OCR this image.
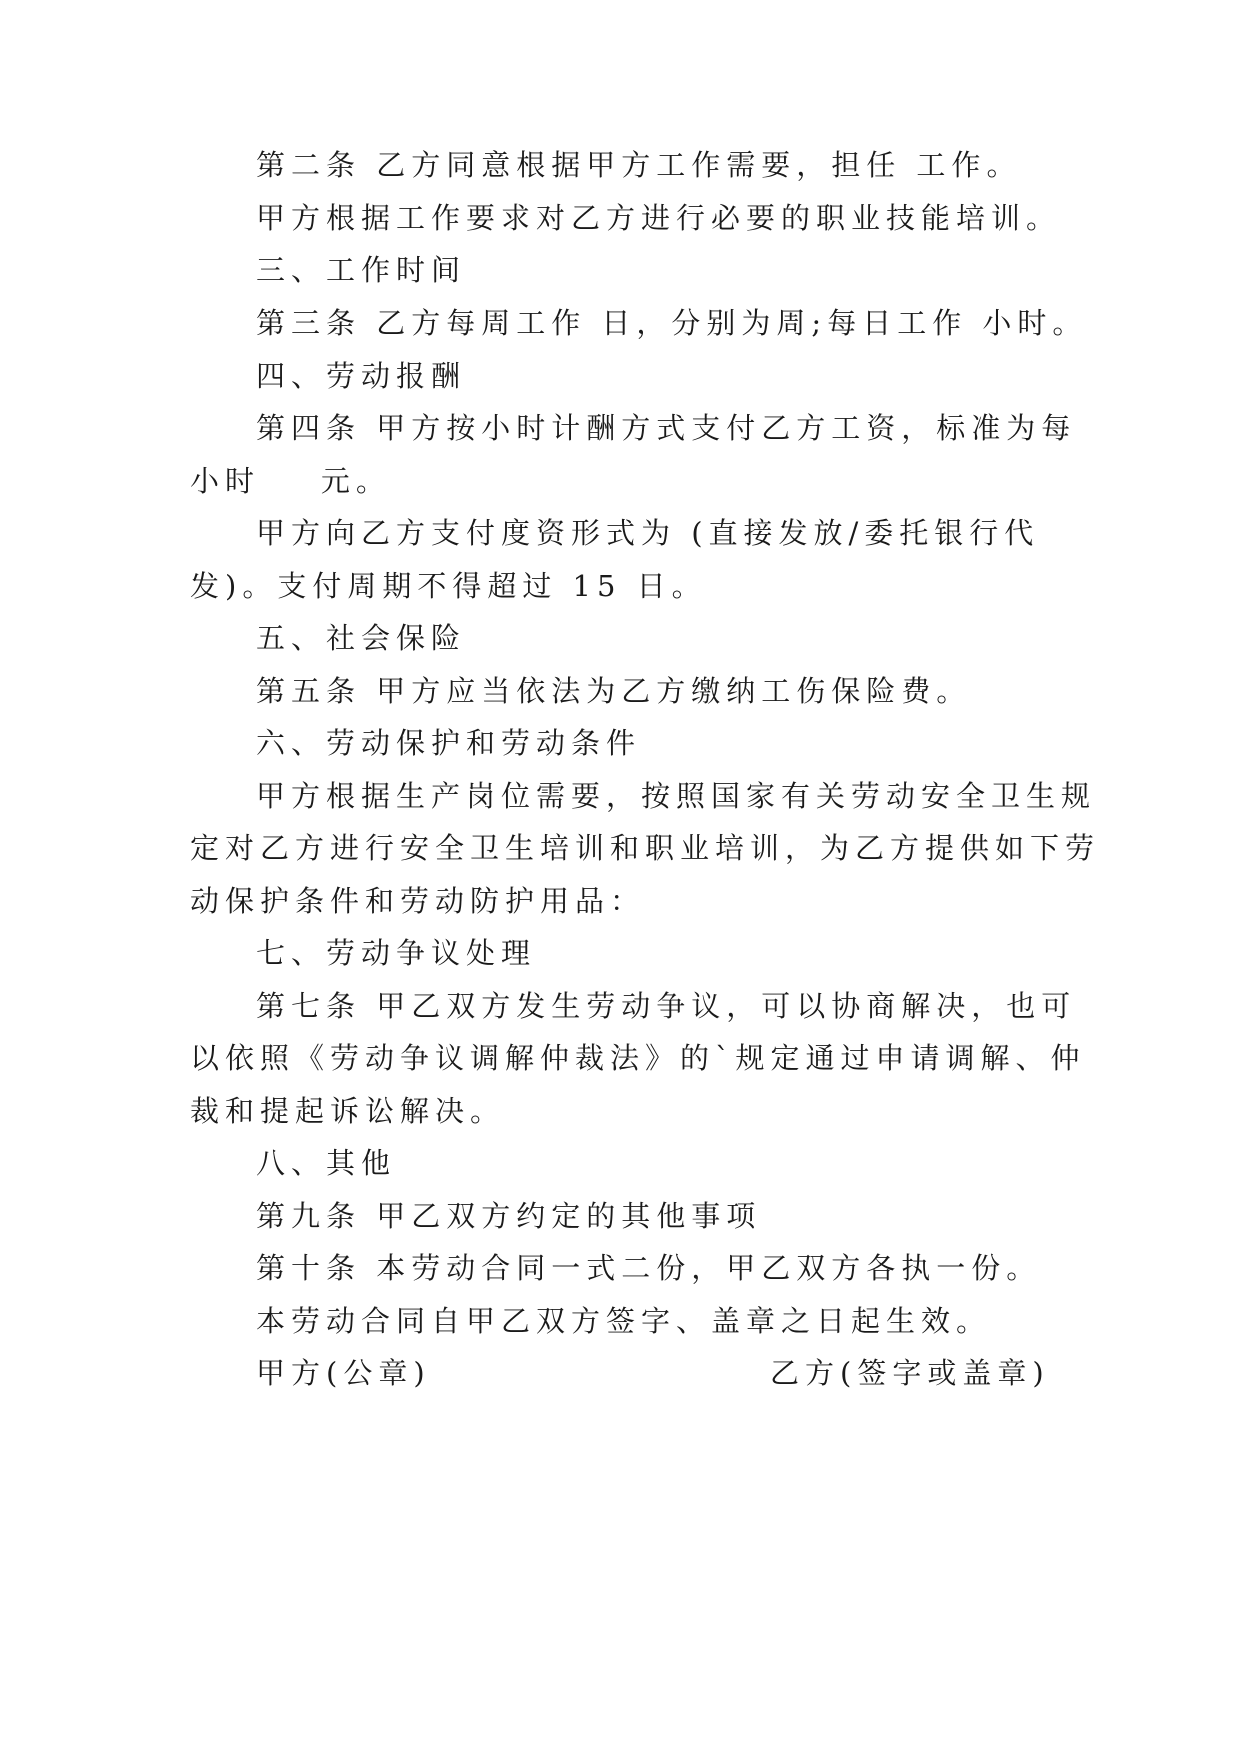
第二条 乙方同意根据甲方工作需要，担任 工作。

甲方根据工作要求对乙方进行必要的职业技能培训。

三、工作时间

第三条 乙方每周工作 日，分别为周;每日工作 小时。

四、劳动报酬

第四条 甲方按小时计酬方式支付乙方工资，标准为每

小时    元。

甲方向乙方支付度资形式为 (直接发放/委托银行代

发)。支付周期不得超过 15 日。

五、社会保险

第五条 甲方应当依法为乙方缴纳工伤保险费。

六、劳动保护和劳动条件

甲方根据生产岗位需要，按照国家有关劳动安全卫生规

定对乙方进行安全卫生培训和职业培训，为乙方提供如下劳

动保护条件和劳动防护用品：

七、劳动争议处理

第七条 甲乙双方发生劳动争议，可以协商解决，也可

以依照《劳动争议调解仲裁法》的`规定通过申请调解、仲

裁和提起诉讼解决。

八、其他

第九条 甲乙双方约定的其他事项

第十条 本劳动合同一式二份，甲乙双方各执一份。

本劳动合同自甲乙双方签字、盖章之日起生效。

甲方(公章)	乙方(签字或盖章)
